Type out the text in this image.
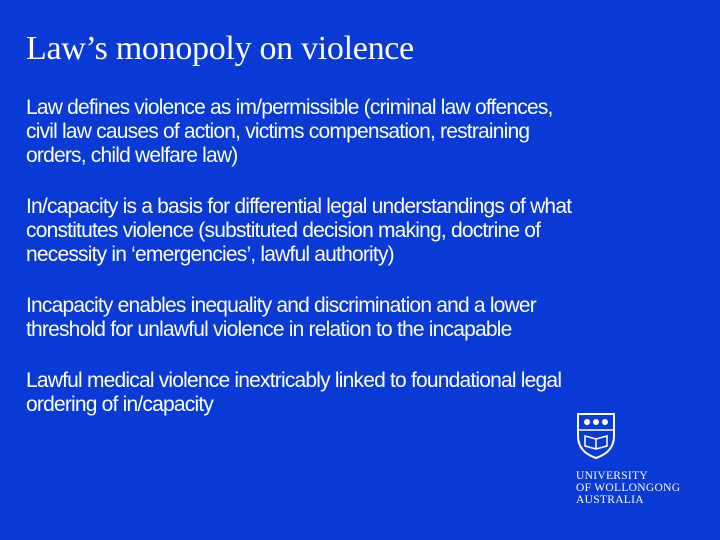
Law’s monopoly on violence

Law defines violence as im/permissible (criminal law offences, civil law causes of action, victims compensation, restraining orders, child welfare law)

In/capacity is a basis for differential legal understandings of what constitutes violence (substituted decision making, doctrine of necessity in ‘emergencies’, lawful authority)

Incapacity enables inequality and discrimination and a lower threshold for unlawful violence in relation to the incapable

Lawful medical violence inextricably linked to foundational legal ordering of in/capacity

UNIVERSITY
OF WOLLONGONG
AUSTRALIA
